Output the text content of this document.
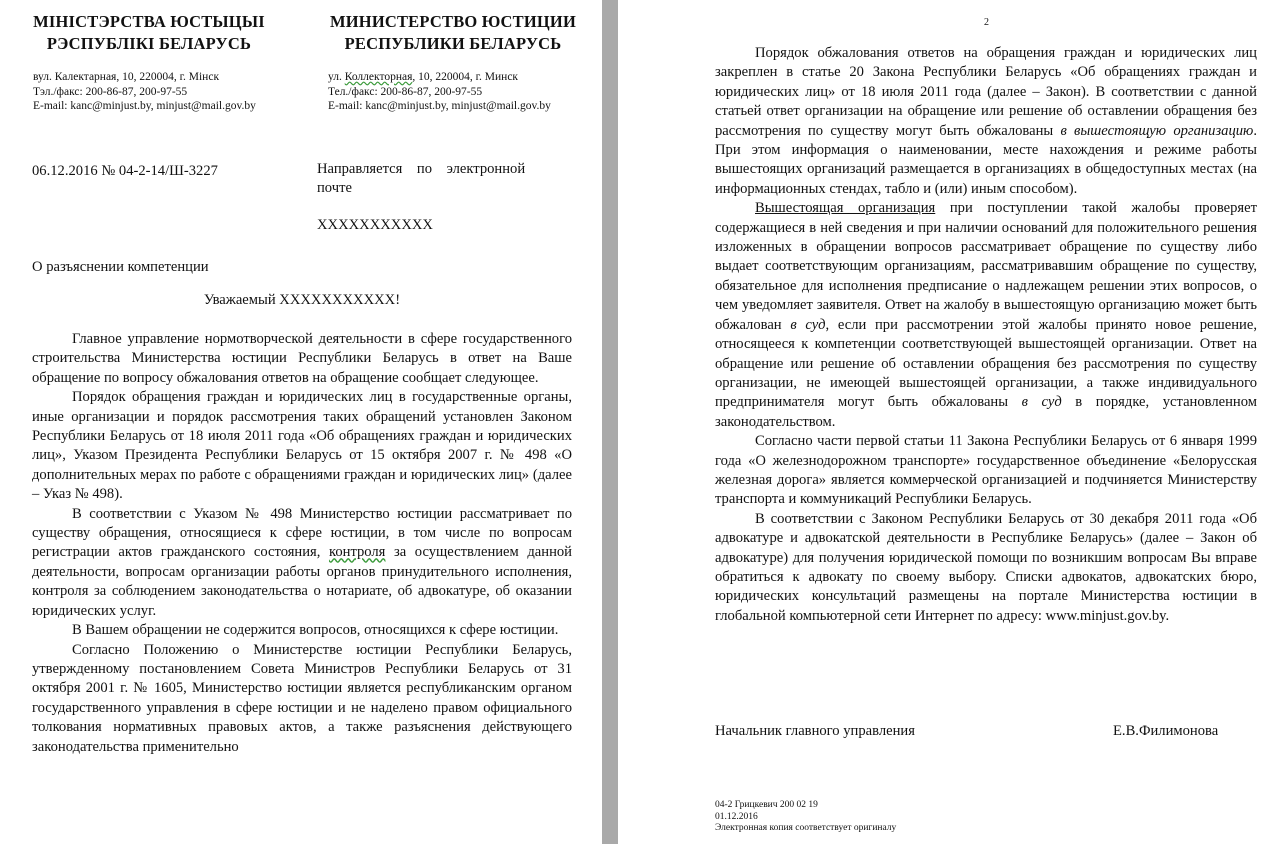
МІНІСТЭРСТВА ЮСТЫЦЫІ
РЭСПУБЛІКІ БЕЛАРУСЬ
МИНИСТЕРСТВО ЮСТИЦИИ
РЕСПУБЛИКИ БЕЛАРУСЬ
вул. Калектарная, 10, 220004, г. Мінск
Тэл./факс: 200-86-87, 200-97-55
E-mail: kanc@minjust.by, minjust@mail.gov.by
ул. Коллекторная, 10, 220004, г. Минск
Тел./факс: 200-86-87, 200-97-55
E-mail: kanc@minjust.by, minjust@mail.gov.by
06.12.2016 № 04-2-14/Ш-3227	Направляется    по    электронной
почте
ХХХХХХХХХХХ
О разъяснении компетенции
Уважаемый ХХХХХХХХХХХ!

Главное управление нормотворческой деятельности в сфере государственного строительства Министерства юстиции Республики Беларусь в ответ на Ваше обращение по вопросу обжалования ответов на обращение сообщает следующее.

Порядок обращения граждан и юридических лиц в государственные органы, иные организации и порядок рассмотрения таких обращений установлен Законом Республики Беларусь от 18 июля 2011 года «Об обращениях граждан и юридических лиц», Указом Президента Республики Беларусь от 15 октября 2007 г. № 498 «О дополнительных мерах по работе с обращениями граждан и юридических лиц» (далее – Указ № 498).

В соответствии с Указом № 498 Министерство юстиции рассматривает по существу обращения, относящиеся к сфере юстиции, в том числе по вопросам регистрации актов гражданского состояния, контроля за осуществлением данной деятельности, вопросам организации работы органов принудительного исполнения, контроля за соблюдением законодательства о нотариате, об адвокатуре, об оказании юридических услуг.

В Вашем обращении не содержится вопросов, относящихся к сфере юстиции.

Согласно Положению о Министерстве юстиции Республики Беларусь, утвержденному постановлением Совета Министров Республики Беларусь от 31 октября 2001 г. № 1605, Министерство юстиции является республиканским органом государственного управления в сфере юстиции и не наделено правом официального толкования нормативных правовых актов, а также разъяснения действующего законодательства применительно

2

Порядок обжалования ответов на обращения граждан и юридических лиц закреплен в статье 20 Закона Республики Беларусь «Об обращениях граждан и юридических лиц» от 18 июля 2011 года (далее – Закон). В соответствии с данной статьей ответ организации на обращение или решение об оставлении обращения без рассмотрения по существу могут быть обжалованы в вышестоящую организацию. При этом информация о наименовании, месте нахождения и режиме работы вышестоящих организаций размещается в организациях в общедоступных местах (на информационных стендах, табло и (или) иным способом).

Вышестоящая организация при поступлении такой жалобы проверяет содержащиеся в ней сведения и при наличии оснований для положительного решения изложенных в обращении вопросов рассматривает обращение по существу либо выдает соответствующим организациям, рассматривавшим обращение по существу, обязательное для исполнения предписание о надлежащем решении этих вопросов, о чем уведомляет заявителя. Ответ на жалобу в вышестоящую организацию может быть обжалован в суд, если при рассмотрении этой жалобы принято новое решение, относящееся к компетенции соответствующей вышестоящей организации. Ответ на обращение или решение об оставлении обращения без рассмотрения по существу организации, не имеющей вышестоящей организации, а также индивидуального предпринимателя могут быть обжалованы в суд в порядке, установленном законодательством.

Согласно части первой статьи 11 Закона Республики Беларусь от 6 января 1999 года «О железнодорожном транспорте» государственное объединение «Белорусская железная дорога» является коммерческой организацией и подчиняется Министерству транспорта и коммуникаций Республики Беларусь.

В соответствии с Законом Республики Беларусь от 30 декабря 2011 года «Об адвокатуре и адвокатской деятельности в Республике Беларусь» (далее – Закон об адвокатуре) для получения юридической помощи по возникшим вопросам Вы вправе обратиться к адвокату по своему выбору. Списки адвокатов, адвокатских бюро, юридических консультаций размещены на портале Министерства юстиции в глобальной компьютерной сети Интернет по адресу: www.minjust.gov.by.

Начальник главного управления	Е.В.Филимонова
04-2 Грицкевич 200 02 19
01.12.2016
Электронная копия соответствует оригиналу
